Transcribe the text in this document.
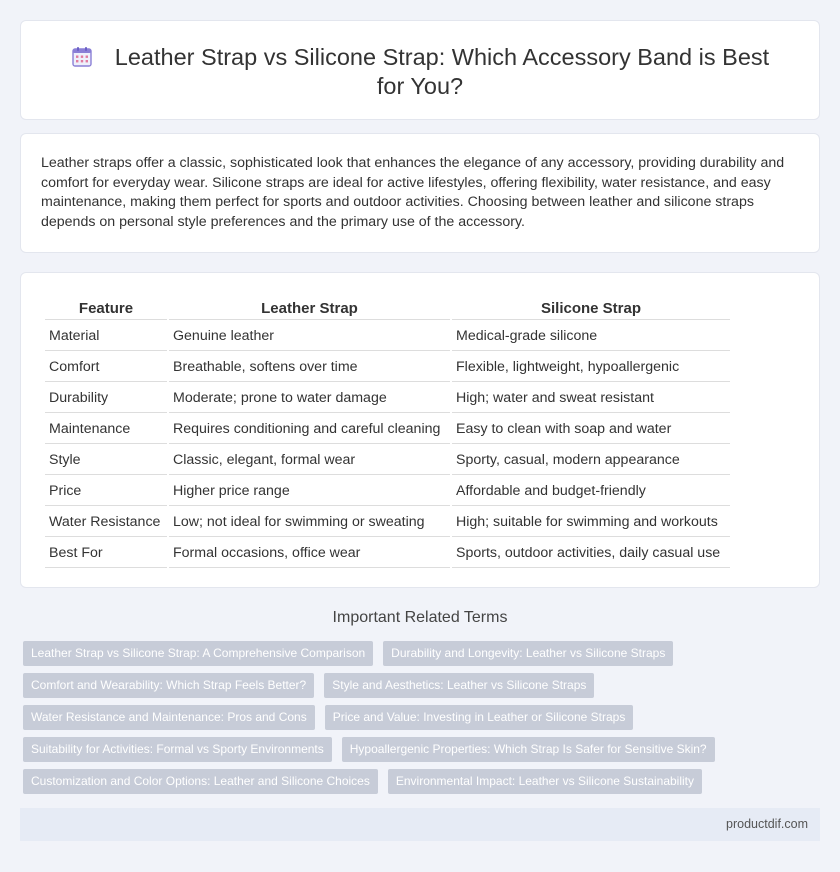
Leather Strap vs Silicone Strap: Which Accessory Band is Best for You?

Leather straps offer a classic, sophisticated look that enhances the elegance of any accessory, providing durability and comfort for everyday wear. Silicone straps are ideal for active lifestyles, offering flexibility, water resistance, and easy maintenance, making them perfect for sports and outdoor activities. Choosing between leather and silicone straps depends on personal style preferences and the primary use of the accessory.

Feature	Leather Strap	Silicone Strap
Material	Genuine leather	Medical-grade silicone
Comfort	Breathable, softens over time	Flexible, lightweight, hypoallergenic
Durability	Moderate; prone to water damage	High; water and sweat resistant
Maintenance	Requires conditioning and careful cleaning	Easy to clean with soap and water
Style	Classic, elegant, formal wear	Sporty, casual, modern appearance
Price	Higher price range	Affordable and budget-friendly
Water Resistance	Low; not ideal for swimming or sweating	High; suitable for swimming and workouts
Best For	Formal occasions, office wear	Sports, outdoor activities, daily casual use
Important Related Terms
Leather Strap vs Silicone Strap: A Comprehensive Comparison Durability and Longevity: Leather vs Silicone Straps
Comfort and Wearability: Which Strap Feels Better? Style and Aesthetics: Leather vs Silicone Straps
Water Resistance and Maintenance: Pros and Cons Price and Value: Investing in Leather or Silicone Straps
Suitability for Activities: Formal vs Sporty Environments Hypoallergenic Properties: Which Strap Is Safer for Sensitive Skin?
Customization and Color Options: Leather and Silicone Choices Environmental Impact: Leather vs Silicone Sustainability
productdif.com
